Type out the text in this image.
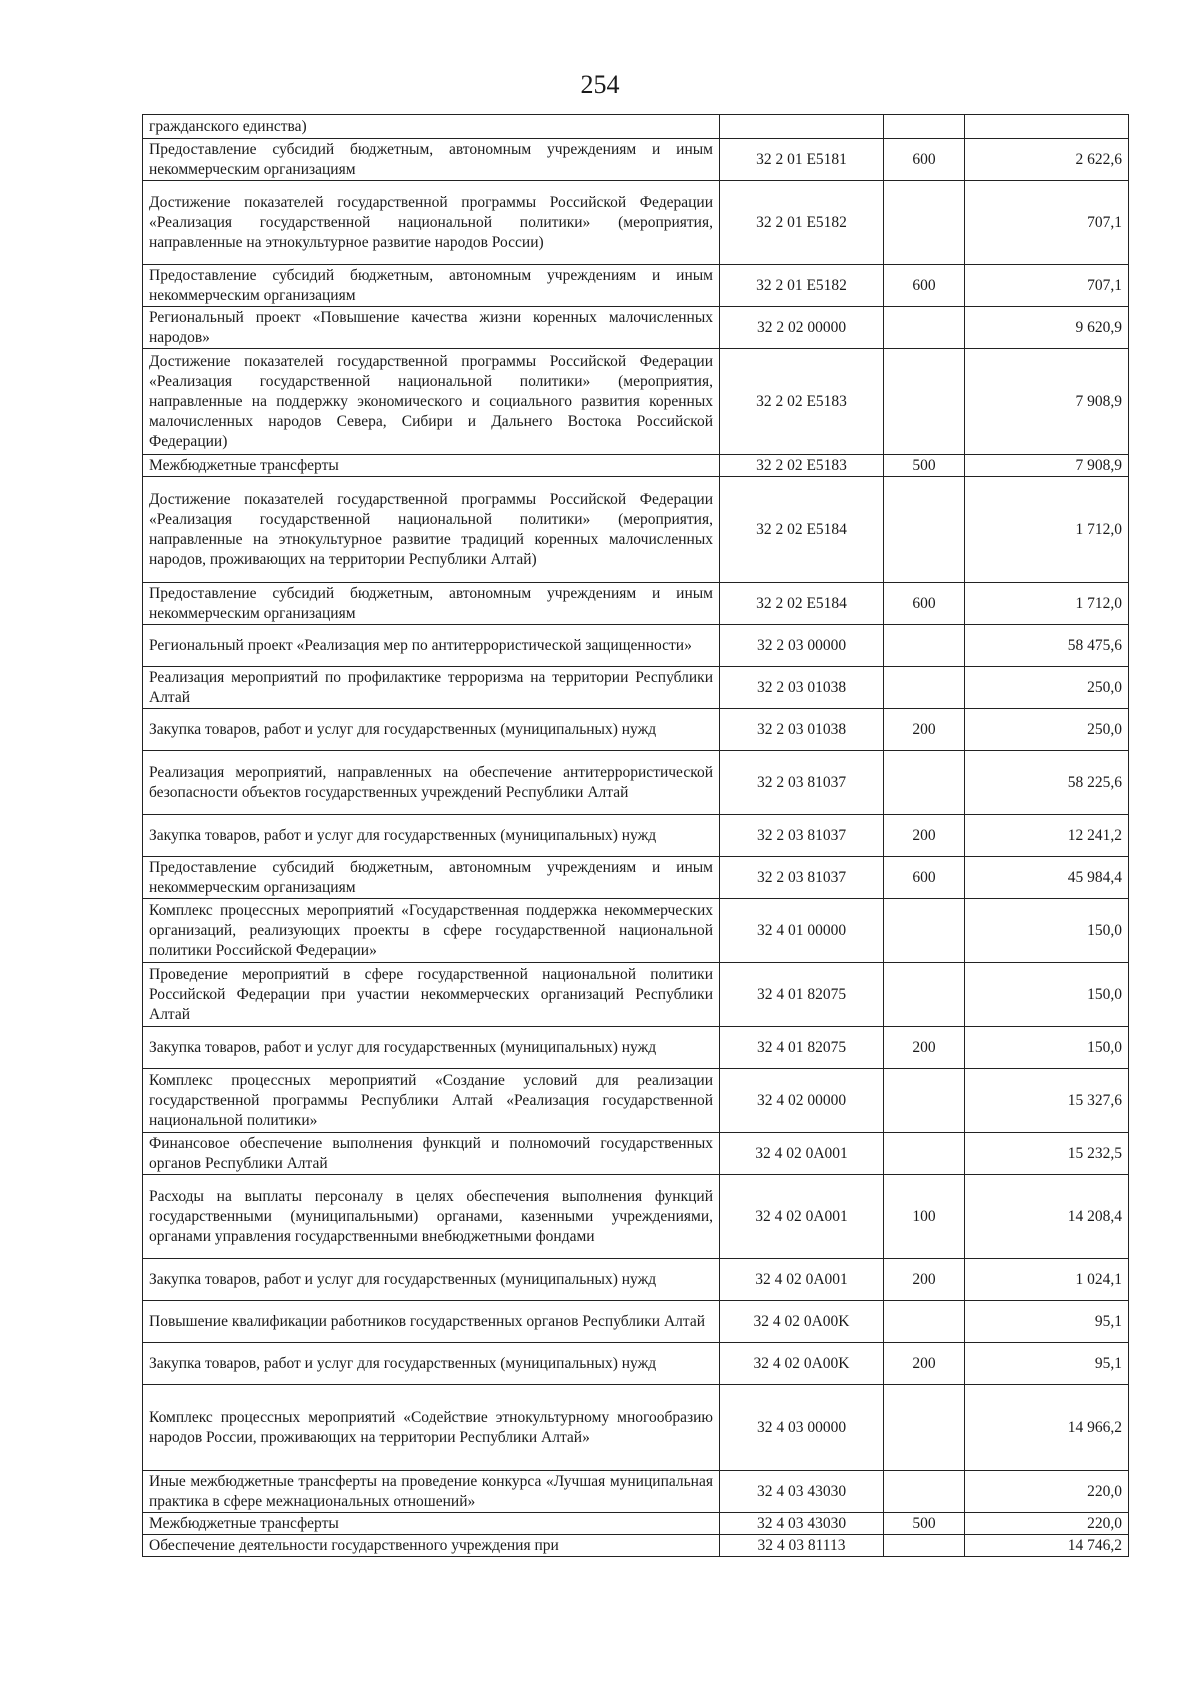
254
гражданского единства)			
Предоставление субсидий бюджетным, автономным учреждениям и иным некоммерческим организациям	32 2 01 E5181	600	2 622,6
Достижение показателей государственной программы Российской Федерации «Реализация государственной национальной политики» (мероприятия, направленные на этнокультурное развитие народов России)	32 2 01 E5182		707,1
Предоставление субсидий бюджетным, автономным учреждениям и иным некоммерческим организациям	32 2 01 E5182	600	707,1
Региональный проект «Повышение качества жизни коренных малочисленных народов»	32 2 02 00000		9 620,9
Достижение показателей государственной программы Российской Федерации «Реализация государственной национальной политики» (мероприятия, направленные на поддержку экономического и социального развития коренных малочисленных народов Севера, Сибири и Дальнего Востока Российской Федерации)	32 2 02 E5183		7 908,9
Межбюджетные трансферты	32 2 02 E5183	500	7 908,9
Достижение показателей государственной программы Российской Федерации «Реализация государственной национальной политики» (мероприятия, направленные на этнокультурное развитие традиций коренных малочисленных народов, проживающих на территории Республики Алтай)	32 2 02 E5184		1 712,0
Предоставление субсидий бюджетным, автономным учреждениям и иным некоммерческим организациям	32 2 02 E5184	600	1 712,0
Региональный проект «Реализация мер по антитеррористической защищенности»	32 2 03 00000		58 475,6
Реализация мероприятий по профилактике терроризма на территории Республики Алтай	32 2 03 01038		250,0
Закупка товаров, работ и услуг для государственных (муниципальных) нужд	32 2 03 01038	200	250,0
Реализация мероприятий, направленных на обеспечение антитеррористической безопасности объектов государственных учреждений Республики Алтай	32 2 03 81037		58 225,6
Закупка товаров, работ и услуг для государственных (муниципальных) нужд	32 2 03 81037	200	12 241,2
Предоставление субсидий бюджетным, автономным учреждениям и иным некоммерческим организациям	32 2 03 81037	600	45 984,4
Комплекс процессных мероприятий «Государственная поддержка некоммерческих организаций, реализующих проекты в сфере государственной национальной политики Российской Федерации»	32 4 01 00000		150,0
Проведение мероприятий в сфере государственной национальной политики Российской Федерации при участии некоммерческих организаций Республики Алтай	32 4 01 82075		150,0
Закупка товаров, работ и услуг для государственных (муниципальных) нужд	32 4 01 82075	200	150,0
Комплекс процессных мероприятий «Создание условий для реализации государственной программы Республики Алтай «Реализация государственной национальной политики»	32 4 02 00000		15 327,6
Финансовое обеспечение выполнения функций и полномочий государственных органов Республики Алтай	32 4 02 0A001		15 232,5
Расходы на выплаты персоналу в целях обеспечения выполнения функций государственными (муниципальными) органами, казенными учреждениями, органами управления государственными внебюджетными фондами	32 4 02 0A001	100	14 208,4
Закупка товаров, работ и услуг для государственных (муниципальных) нужд	32 4 02 0A001	200	1 024,1
Повышение квалификации работников государственных органов Республики Алтай	32 4 02 0A00K		95,1
Закупка товаров, работ и услуг для государственных (муниципальных) нужд	32 4 02 0A00K	200	95,1
Комплекс процессных мероприятий «Содействие этнокультурному многообразию народов России, проживающих на территории Республики Алтай»	32 4 03 00000		14 966,2
Иные межбюджетные трансферты на проведение конкурса «Лучшая муниципальная практика в сфере межнациональных отношений»	32 4 03 43030		220,0
Межбюджетные трансферты	32 4 03 43030	500	220,0
Обеспечение деятельности государственного учреждения при	32 4 03 81113		14 746,2
